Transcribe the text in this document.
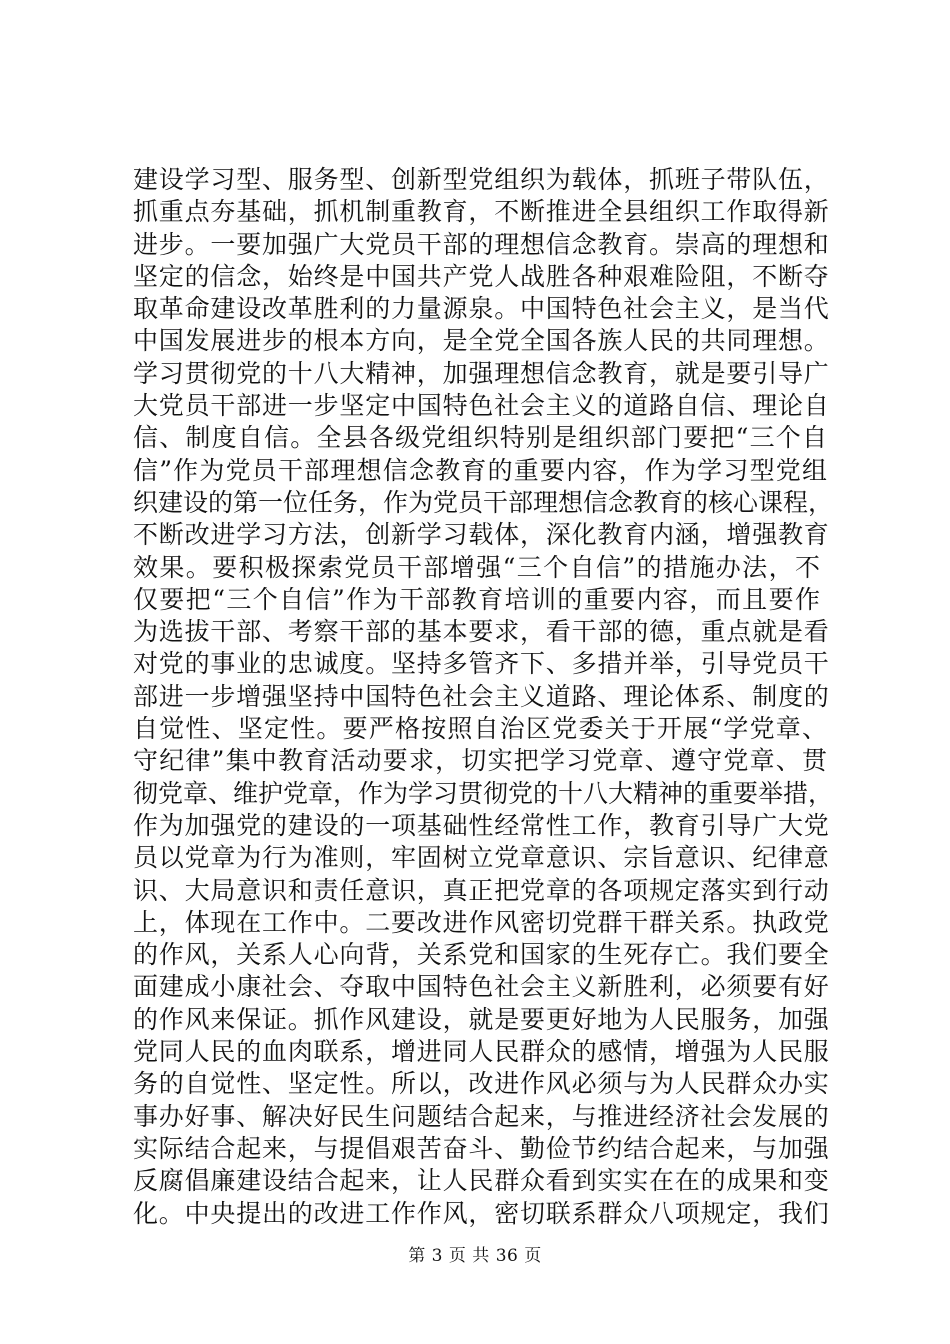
建设学习型、服务型、创新型党组织为载体，抓班子带队伍，
抓重点夯基础，抓机制重教育，不断推进全县组织工作取得新
进步。一要加强广大党员干部的理想信念教育。崇高的理想和
坚定的信念，始终是中国共产党人战胜各种艰难险阻，不断夺
取革命建设改革胜利的力量源泉。中国特色社会主义，是当代
中国发展进步的根本方向，是全党全国各族人民的共同理想。
学习贯彻党的十八大精神，加强理想信念教育，就是要引导广
大党员干部进一步坚定中国特色社会主义的道路自信、理论自
信、制度自信。全县各级党组织特别是组织部门要把“三个自
信”作为党员干部理想信念教育的重要内容，作为学习型党组
织建设的第一位任务，作为党员干部理想信念教育的核心课程，
不断改进学习方法，创新学习载体，深化教育内涵，增强教育
效果。要积极探索党员干部增强“三个自信”的措施办法，不
仅要把“三个自信”作为干部教育培训的重要内容，而且要作
为选拔干部、考察干部的基本要求，看干部的德，重点就是看
对党的事业的忠诚度。坚持多管齐下、多措并举，引导党员干
部进一步增强坚持中国特色社会主义道路、理论体系、制度的
自觉性、坚定性。要严格按照自治区党委关于开展“学党章、
守纪律”集中教育活动要求，切实把学习党章、遵守党章、贯
彻党章、维护党章，作为学习贯彻党的十八大精神的重要举措，
作为加强党的建设的一项基础性经常性工作，教育引导广大党
员以党章为行为准则，牢固树立党章意识、宗旨意识、纪律意
识、大局意识和责任意识，真正把党章的各项规定落实到行动
上，体现在工作中。二要改进作风密切党群干群关系。执政党
的作风，关系人心向背，关系党和国家的生死存亡。我们要全
面建成小康社会、夺取中国特色社会主义新胜利，必须要有好
的作风来保证。抓作风建设，就是要更好地为人民服务，加强
党同人民的血肉联系，增进同人民群众的感情，增强为人民服
务的自觉性、坚定性。所以，改进作风必须与为人民群众办实
事办好事、解决好民生问题结合起来，与推进经济社会发展的
实际结合起来，与提倡艰苦奋斗、勤俭节约结合起来，与加强
反腐倡廉建设结合起来，让人民群众看到实实在在的成果和变
化。中央提出的改进工作作风，密切联系群众八项规定，我们
第 3 页 共 36 页
